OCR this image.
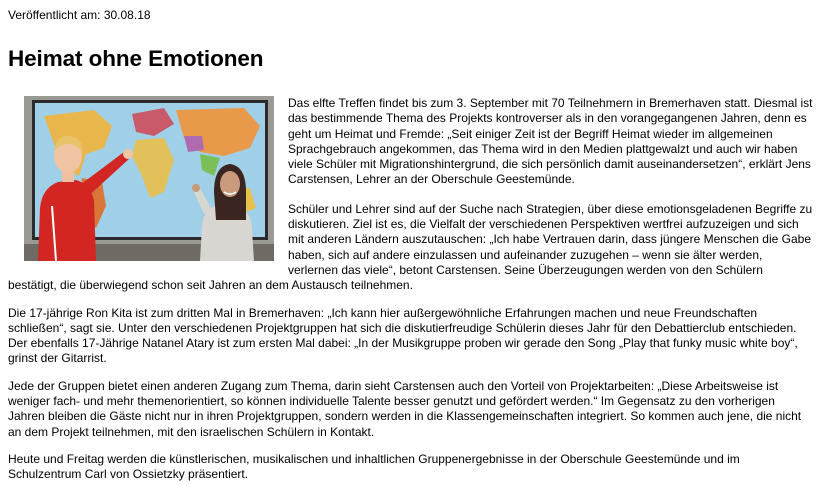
Veröffentlicht am: 30.08.18
Heimat ohne Emotionen

Das elfte Treffen findet bis zum 3. September mit 70 Teilnehmern in Bremerhaven statt. Diesmal ist das bestimmende Thema des Projekts kontroverser als in den vorangegangenen Jahren, denn es geht um Heimat und Fremde: „Seit einiger Zeit ist der Begriff Heimat wieder im allgemeinen Sprachgebrauch angekommen, das Thema wird in den Medien plattgewalzt und auch wir haben viele Schüler mit Migrationshintergrund, die sich persönlich damit auseinandersetzen“, erklärt Jens Carstensen, Lehrer an der Oberschule Geestemünde.

Schüler und Lehrer sind auf der Suche nach Strategien, über diese emotionsgeladenen Begriffe zu diskutieren. Ziel ist es, die Vielfalt der verschiedenen Perspektiven wertfrei aufzuzeigen und sich mit anderen Ländern auszutauschen: „Ich habe Vertrauen darin, dass jüngere Menschen die Gabe haben, sich auf andere einzulassen und aufeinander zuzugehen – wenn sie älter werden, verlernen das viele“, betont Carstensen. Seine Überzeugungen werden von den Schülern bestätigt, die überwiegend schon seit Jahren an dem Austausch teilnehmen.

Die 17-jährige Ron Kita ist zum dritten Mal in Bremerhaven: „Ich kann hier außergewöhnliche Erfahrungen machen und neue Freundschaften schließen“, sagt sie. Unter den verschiedenen Projektgruppen hat sich die diskutierfreudige Schülerin dieses Jahr für den Debattierclub entschieden. Der ebenfalls 17-Jährige Natanel Atary ist zum ersten Mal dabei: „In der Musikgruppe proben wir gerade den Song „Play that funky music white boy“, grinst der Gitarrist.

Jede der Gruppen bietet einen anderen Zugang zum Thema, darin sieht Carstensen auch den Vorteil von Projektarbeiten: „Diese Arbeitsweise ist weniger fach- und mehr themenorientiert, so können individuelle Talente besser genutzt und gefördert werden.“ Im Gegensatz zu den vorherigen Jahren bleiben die Gäste nicht nur in ihren Projektgruppen, sondern werden in die Klassengemeinschaften integriert. So kommen auch jene, die nicht an dem Projekt teilnehmen, mit den israelischen Schülern in Kontakt.

Heute und Freitag werden die künstlerischen, musikalischen und inhaltlichen Gruppenergebnisse in der Oberschule Geestemünde und im Schulzentrum Carl von Ossietzky präsentiert.
